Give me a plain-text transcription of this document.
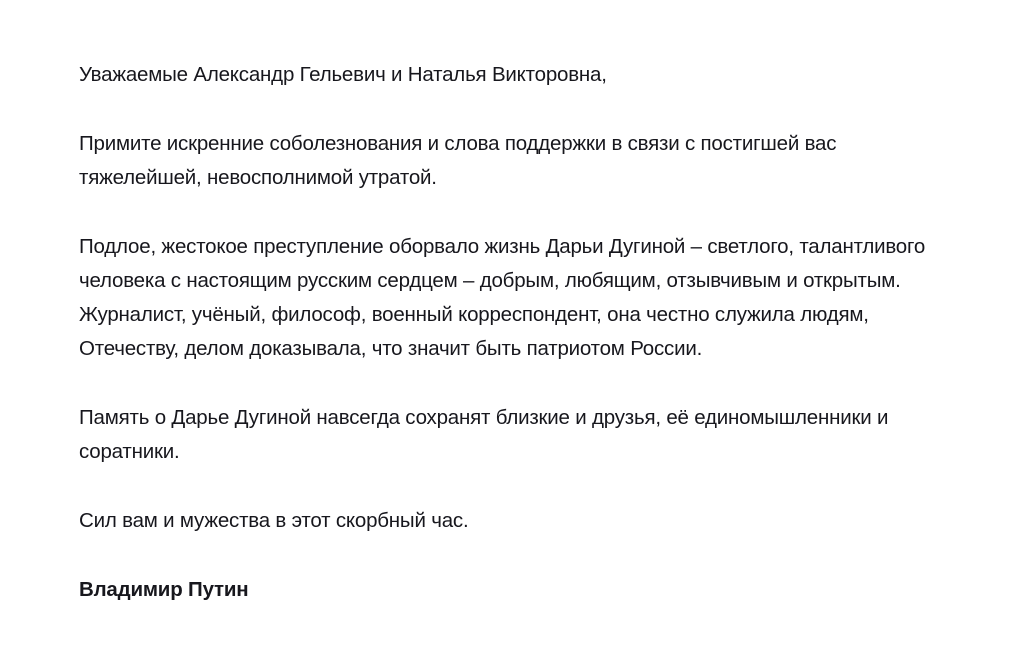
Уважаемые Александр Гельевич и Наталья Викторовна,

Примите искренние соболезнования и слова поддержки в связи с постигшей вас тяжелейшей, невосполнимой утратой.

Подлое, жестокое преступление оборвало жизнь Дарьи Дугиной – светлого, талантливого человека с настоящим русским сердцем – добрым, любящим, отзывчивым и открытым. Журналист, учёный, философ, военный корреспондент, она честно служила людям, Отечеству, делом доказывала, что значит быть патриотом России.

Память о Дарье Дугиной навсегда сохранят близкие и друзья, её единомышленники и соратники.

Сил вам и мужества в этот скорбный час.

Владимир Путин
